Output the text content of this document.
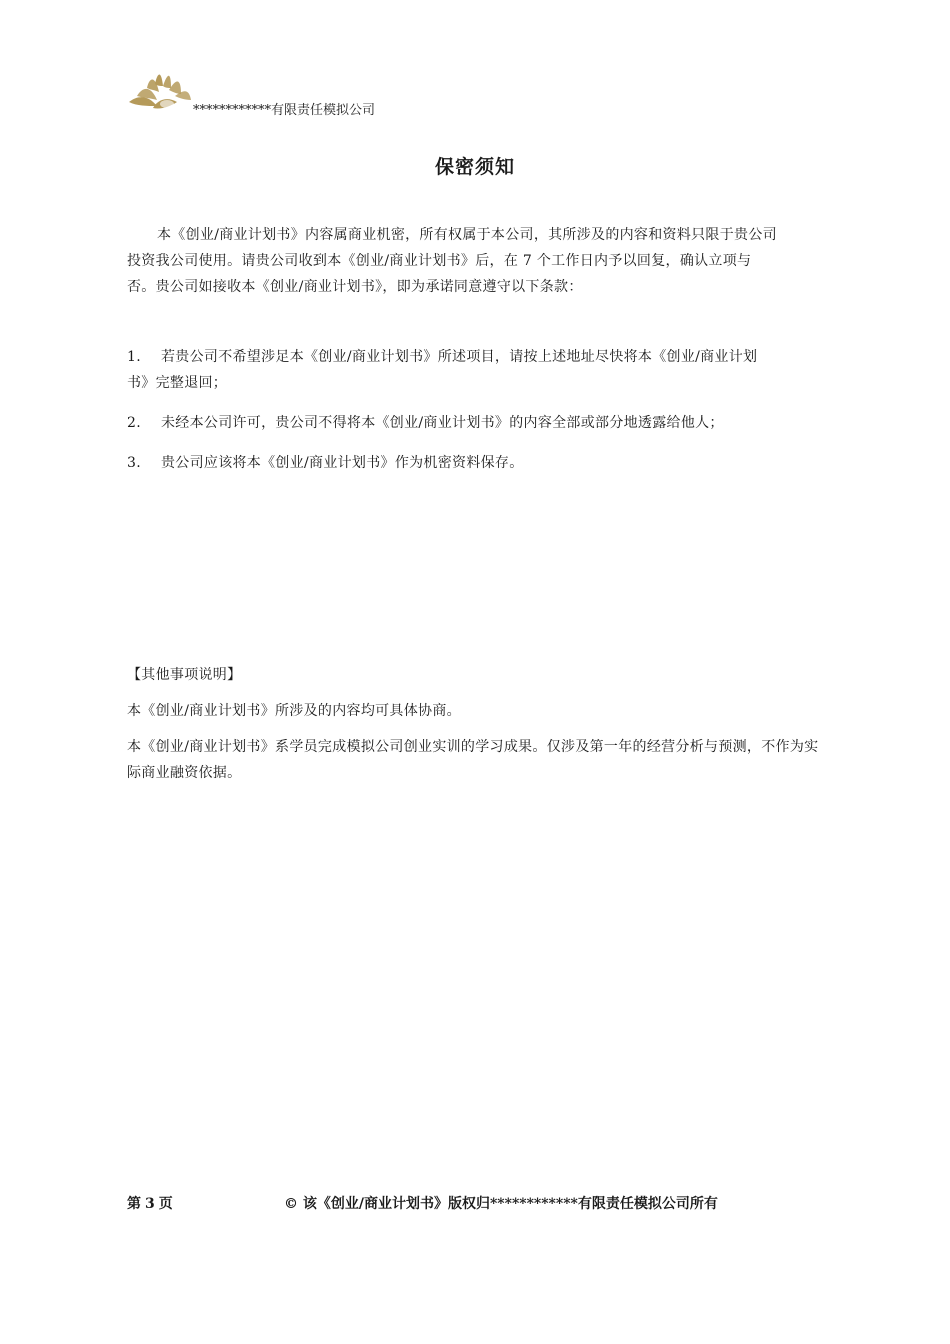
************有限责任模拟公司
保密须知

本《创业/商业计划书》内容属商业机密，所有权属于本公司，其所涉及的内容和资料只限于贵公司投资我公司使用。请贵公司收到本《创业/商业计划书》后，在 7 个工作日内予以回复，确认立项与否。贵公司如接收本《创业/商业计划书》，即为承诺同意遵守以下条款：

1. 若贵公司不希望涉足本《创业/商业计划书》所述项目，请按上述地址尽快将本《创业/商业计划书》完整退回；

2. 未经本公司许可，贵公司不得将本《创业/商业计划书》的内容全部或部分地透露给他人；

3. 贵公司应该将本《创业/商业计划书》作为机密资料保存。

【其他事项说明】

本《创业/商业计划书》所涉及的内容均可具体协商。

本《创业/商业计划书》系学员完成模拟公司创业实训的学习成果。仅涉及第一年的经营分析与预测，不作为实际商业融资依据。

第 3 页	© 该《创业/商业计划书》版权归************有限责任模拟公司所有
